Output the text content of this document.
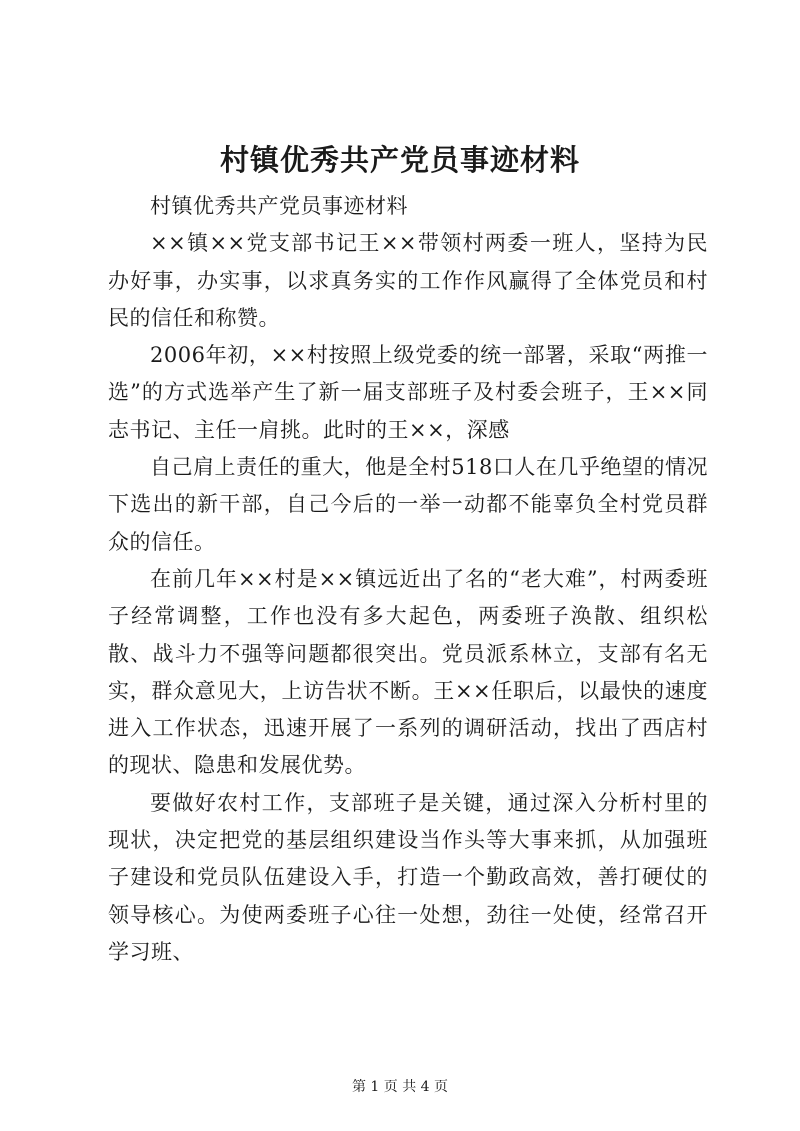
村镇优秀共产党员事迹材料

村镇优秀共产党员事迹材料

××镇××党支部书记王××带领村两委一班人，坚持为民办好事，办实事，以求真务实的工作作风赢得了全体党员和村民的信任和称赞。

2006年初，××村按照上级党委的统一部署，采取“两推一选”的方式选举产生了新一届支部班子及村委会班子，王××同志书记、主任一肩挑。此时的王××，深感

自己肩上责任的重大，他是全村518口人在几乎绝望的情况下选出的新干部，自己今后的一举一动都不能辜负全村党员群众的信任。

在前几年××村是××镇远近出了名的“老大难”，村两委班子经常调整，工作也没有多大起色，两委班子涣散、组织松散、战斗力不强等问题都很突出。党员派系林立，支部有名无实，群众意见大，上访告状不断。王××任职后，以最快的速度进入工作状态，迅速开展了一系列的调研活动，找出了西店村的现状、隐患和发展优势。

要做好农村工作，支部班子是关键，通过深入分析村里的现状，决定把党的基层组织建设当作头等大事来抓，从加强班子建设和党员队伍建设入手，打造一个勤政高效，善打硬仗的领导核心。为使两委班子心往一处想，劲往一处使，经常召开学习班、

第 1 页 共 4 页
